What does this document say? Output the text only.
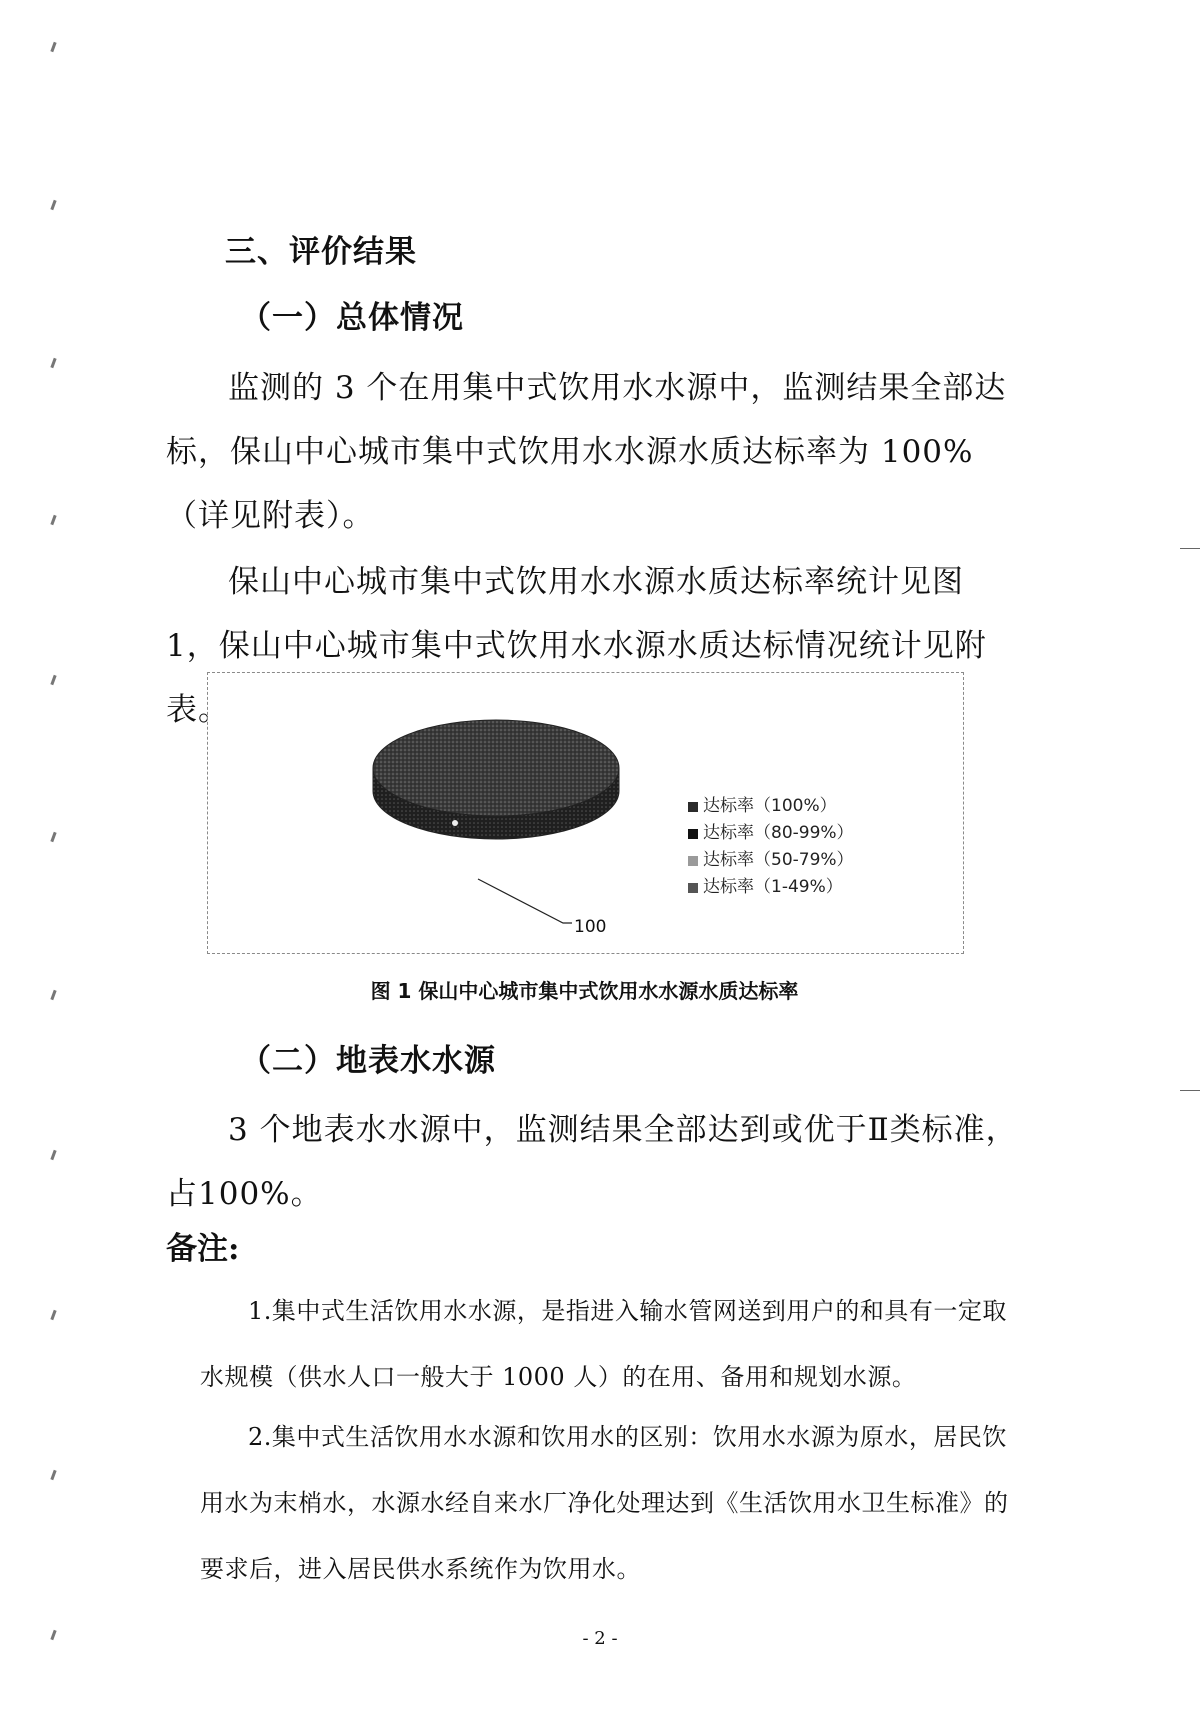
三、评价结果
（一）总体情况
监测的 3 个在用集中式饮用水水源中，监测结果全部达标，保山中心城市集中式饮用水水源水质达标率为 100%（详见附表）。
保山中心城市集中式饮用水水源水质达标率统计见图 1，保山中心城市集中式饮用水水源水质达标情况统计见附表。
100
达标率（100%）
达标率（80-99%）
达标率（50-79%）
达标率（1-49%）
图 1 保山中心城市集中式饮用水水源水质达标率
（二）地表水水源
3 个地表水水源中，监测结果全部达到或优于Ⅱ类标准，占100%。
备注:
1.集中式生活饮用水水源，是指进入输水管网送到用户的和具有一定取水规模（供水人口一般大于 1000 人）的在用、备用和规划水源。
2.集中式生活饮用水水源和饮用水的区别：饮用水水源为原水，居民饮用水为末梢水，水源水经自来水厂净化处理达到《生活饮用水卫生标准》的要求后，进入居民供水系统作为饮用水。
- 2 -
